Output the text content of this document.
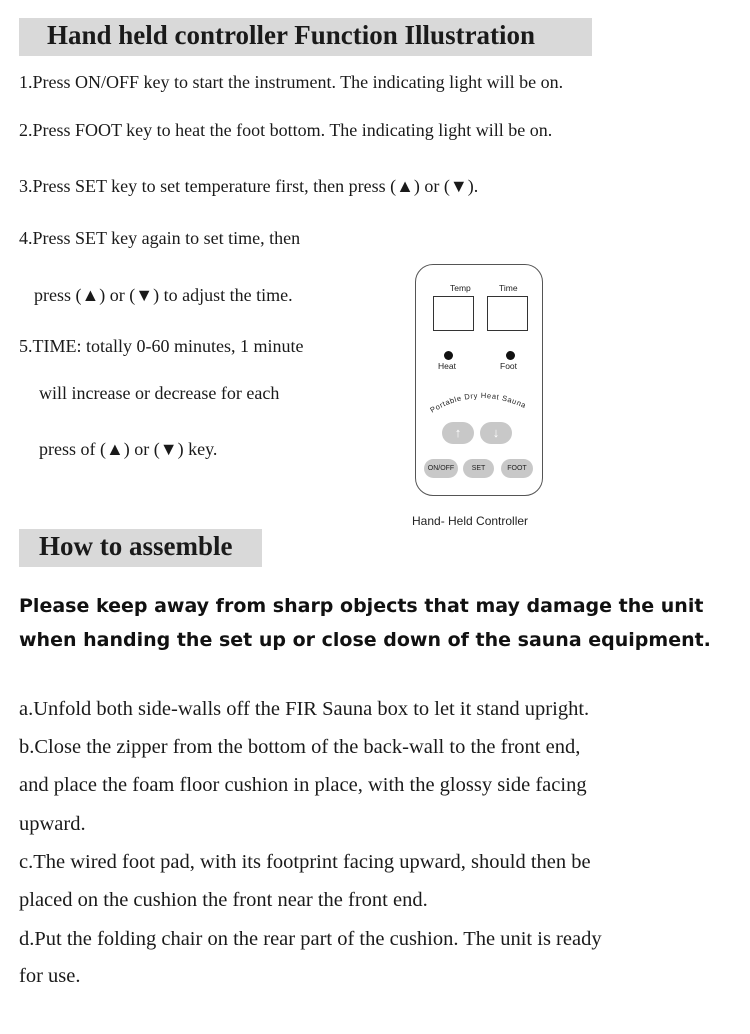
Hand held controller Function Illustration
1.Press ON/OFF key to start the instrument. The indicating light will be on.
2.Press FOOT key to heat the foot bottom. The indicating light will be on.
3.Press SET key to set temperature first, then press (▲) or (▼).
4.Press SET key again to set time, then
press (▲) or (▼) to adjust the time.
5.TIME: totally 0-60 minutes, 1 minute
will increase or decrease for each
press of (▲) or (▼) key.
Temp	Time
Heat	Foot
Portable Dry Heat Sauna
↑	↓
ON/OFF	SET	FOOT
Hand- Held Controller
How to assemble
Please keep away from sharp objects that may damage the unit when handing the set up or close down of the sauna equipment.
a.Unfold both side-walls off the FIR Sauna box to let it stand upright.
b.Close the zipper from the bottom of the back-wall to the front end,
and place the foam floor cushion in place, with the glossy side facing
upward.
c.The wired foot pad, with its footprint facing upward, should then be
placed on the cushion the front near the front end.
d.Put the folding chair on the rear part of the cushion. The unit is ready
for use.
